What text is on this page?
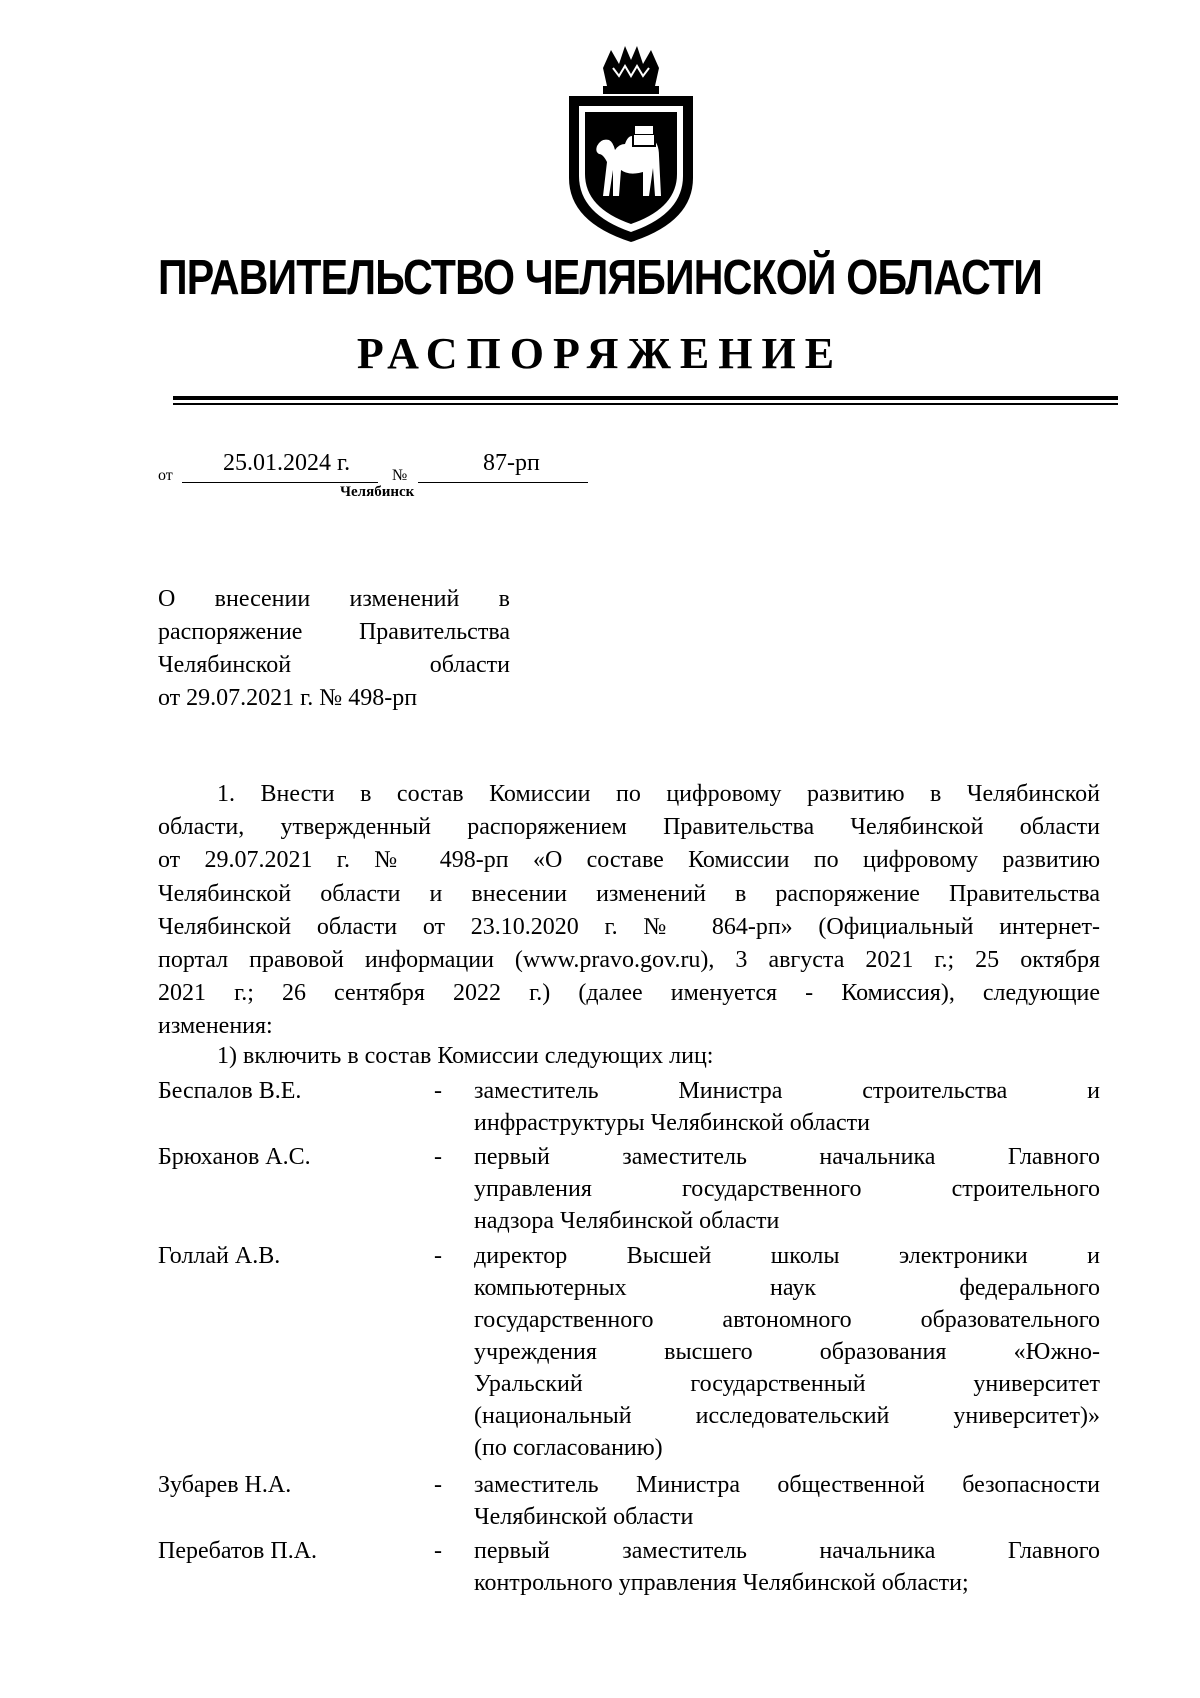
ПРАВИТЕЛЬСТВО ЧЕЛЯБИНСКОЙ ОБЛАСТИ
РАСПОРЯЖЕНИЕ
от 25.01.2024 г.	№	87-рп
Челябинск
О внесении изменений в
распоряжение Правительства
Челябинской области
от 29.07.2021 г. № 498-рп
1. Внести в состав Комиссии по цифровому развитию в Челябинской
области, утвержденный распоряжением Правительства Челябинской области
от 29.07.2021 г. № 498-рп «О составе Комиссии по цифровому развитию
Челябинской области и внесении изменений в распоряжение Правительства
Челябинской области от 23.10.2020 г. № 864-рп» (Официальный интернет-
портал правовой информации (www.pravo.gov.ru), 3 августа 2021 г.; 25 октября
2021 г.; 26 сентября 2022 г.) (далее именуется - Комиссия), следующие
изменения:
1) включить в состав Комиссии следующих лиц:
Беспалов В.Е.	- заместитель Министра строительства и
инфраструктуры Челябинской области
Брюханов А.С.	- первый заместитель начальника Главного
управления государственного строительного
надзора Челябинской области
Голлай А.В.	- директор Высшей школы электроники и
компьютерных наук федерального
государственного автономного образовательного
учреждения высшего образования «Южно-
Уральский государственный университет
(национальный исследовательский университет)»
(по согласованию)
Зубарев Н.А.	- заместитель Министра общественной безопасности
Челябинской области
Перебатов П.А.	- первый заместитель начальника Главного
контрольного управления Челябинской области;
